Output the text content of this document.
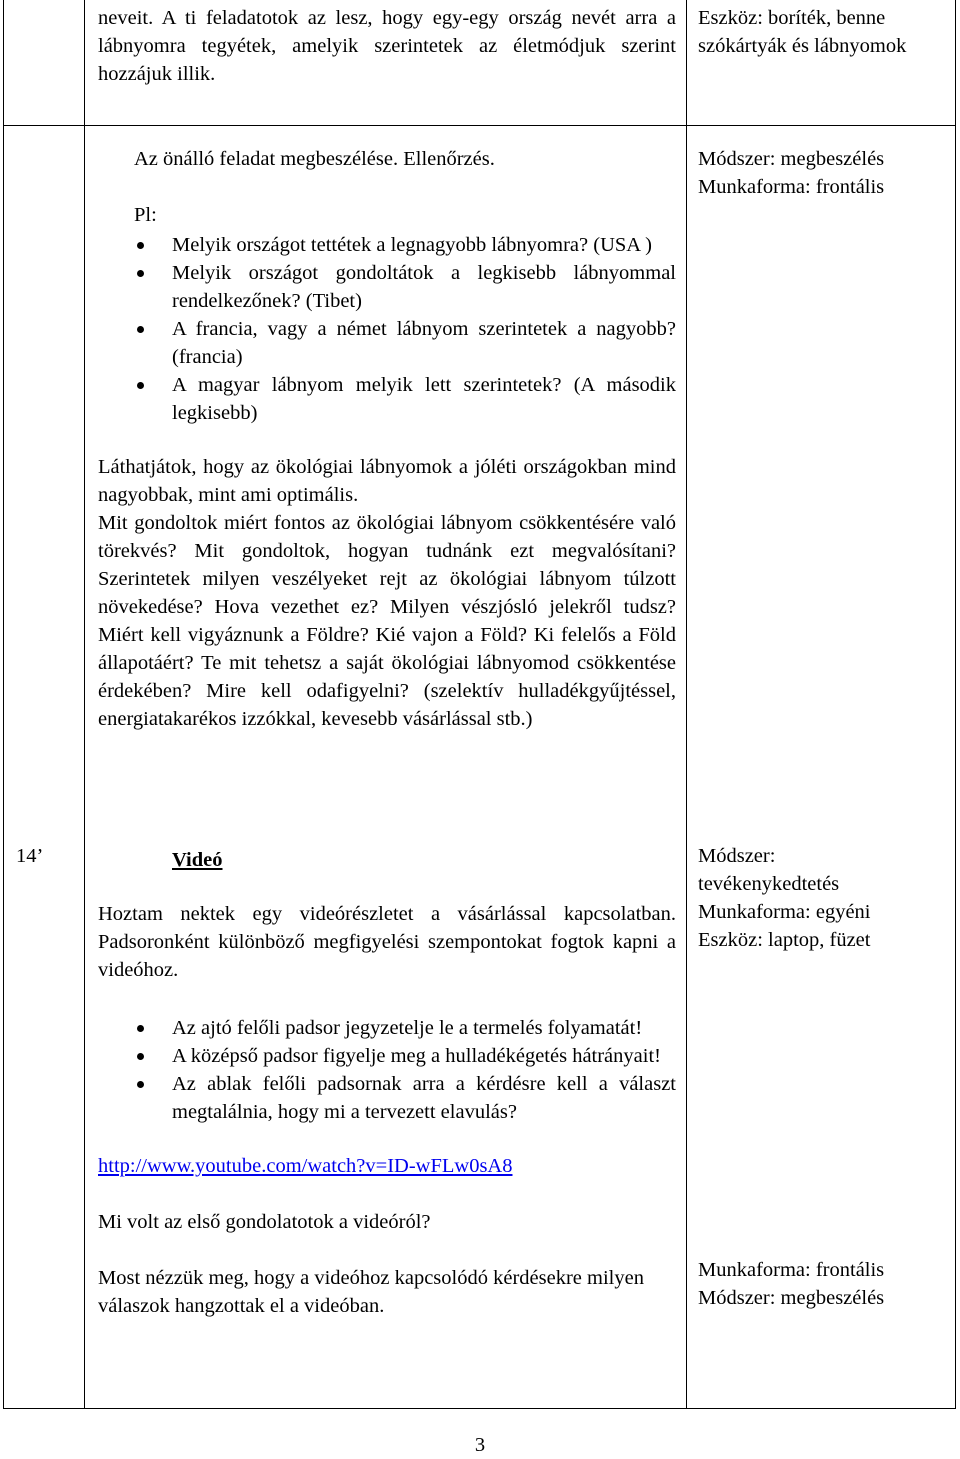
neveit. A ti feladatotok az lesz, hogy egy-egy ország nevét arra a lábnyomra tegyétek, amelyik szerintetek az életmódjuk szerint hozzájuk illik.

Eszköz: boríték, benne szókártyák és lábnyomok

14’

Az önálló feladat megbeszélése. Ellenőrzés.

Pl:

Melyik országot tettétek a legnagyobb lábnyomra? (USA )
Melyik országot gondoltátok a legkisebb lábnyommal rendelkezőnek? (Tibet)
A francia, vagy a német lábnyom szerintetek a nagyobb? (francia)
A magyar lábnyom melyik lett szerintetek? (A második legkisebb)

Láthatjátok, hogy az ökológiai lábnyomok a jóléti országokban mind nagyobbak, mint ami optimális.

Mit gondoltok miért fontos az ökológiai lábnyom csökkentésére való törekvés? Mit gondoltok, hogyan tudnánk ezt megvalósítani? Szerintetek milyen veszélyeket rejt az ökológiai lábnyom túlzott növekedése? Hova vezethet ez? Milyen vészjósló jelekről tudsz? Miért kell vigyáznunk a Földre? Kié vajon a Föld? Ki felelős a Föld állapotáért? Te mit tehetsz a saját ökológiai lábnyomod csökkentése érdekében? Mire kell odafigyelni? (szelektív hulladékgyűjtéssel, energiatakarékos izzókkal, kevesebb vásárlással stb.)

Videó

Hoztam nektek egy videórészletet a vásárlással kapcsolatban. Padsoronként különböző megfigyelési szempontokat fogtok kapni a videóhoz.

Az ajtó felőli padsor jegyzetelje le a termelés folyamatát!
A középső padsor figyelje meg a hulladékégetés hátrányait!
Az ablak felőli padsornak arra a kérdésre kell a választ megtalálnia, hogy mi a tervezett elavulás?

http://www.youtube.com/watch?v=ID-wFLw0sA8

Mi volt az első gondolatotok a videóról?

Most nézzük meg, hogy a videóhoz kapcsolódó kérdésekre milyen válaszok hangzottak el a videóban.

Módszer: megbeszélés

Munkaforma: frontális

Módszer:

tevékenykedtetés

Munkaforma: egyéni

Eszköz: laptop, füzet

Munkaforma: frontális

Módszer: megbeszélés

3
